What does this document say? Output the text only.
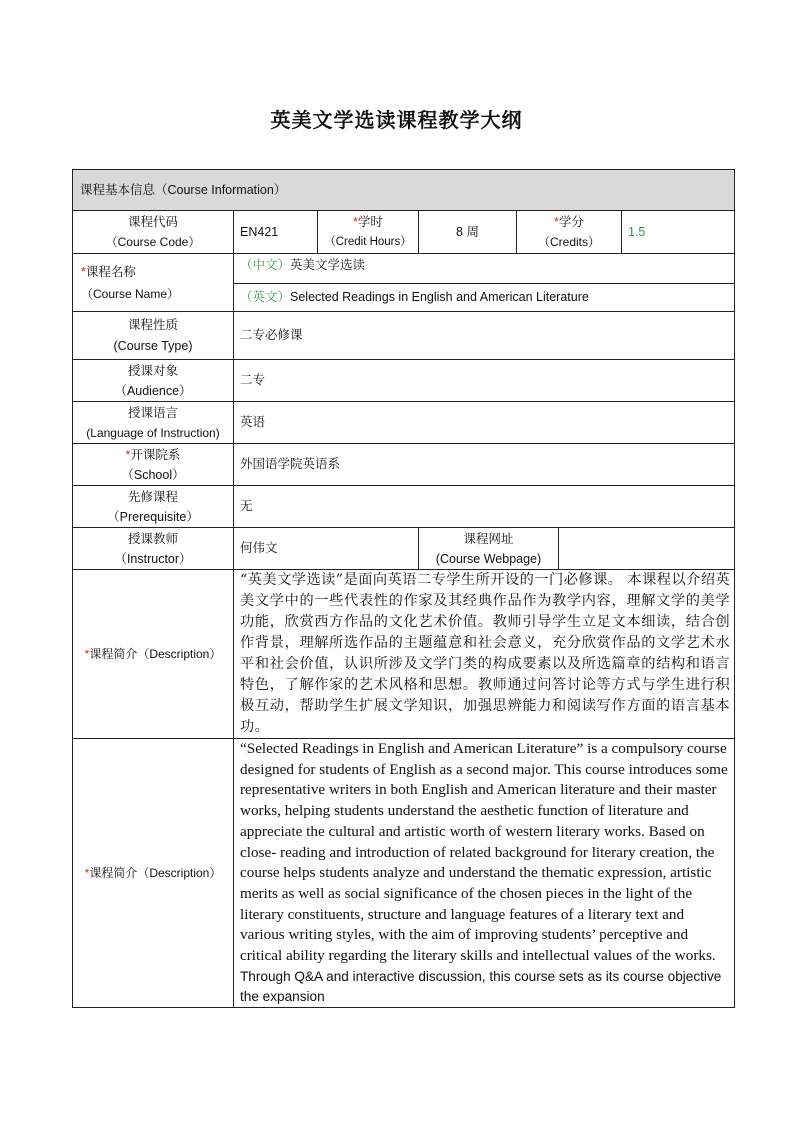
英美文学选读课程教学大纲
课程基本信息（Course Information）
课程代码
（Course Code）
EN421
*学时
（Credit Hours）
8 周
*学分
（Credits）
1.5
*课程名称
（Course Name）
（中文）英美文学选读
（英文）Selected Readings in English and American Literature
课程性质
(Course Type)
二专必修课
授课对象
（Audience）
二专
授课语言
(Language of Instruction)
英语
*开课院系
（School）
外国语学院英语系
先修课程
（Prerequisite）
无
授课教师
（Instructor）
何伟文
课程网址
(Course Webpage)
*课程简介（Description）
“英美文学选读”是面向英语二专学生所开设的一门必修课。 本课程以介绍英美文学中的一些代表性的作家及其经典作品作为教学内容，理解文学的美学功能，欣赏西方作品的文化艺术价值。教师引导学生立足文本细读，结合创作背景，理解所选作品的主题蕴意和社会意义，充分欣赏作品的文学艺术水平和社会价值，认识所涉及文学门类的构成要素以及所选篇章的结构和语言特色，了解作家的艺术风格和思想。教师通过问答讨论等方式与学生进行积极互动，帮助学生扩展文学知识，加强思辨能力和阅读写作方面的语言基本功。
*课程简介（Description）
“Selected Readings in English and American Literature” is a compulsory course designed for students of English as a second major. This course introduces some representative writers in both English and American literature and their master works, helping students understand the aesthetic function of literature and appreciate the cultural and artistic worth of western literary works. Based on close- reading and introduction of related background for literary creation, the course helps students analyze and understand the thematic expression, artistic merits as well as social significance of the chosen pieces in the light of the literary constituents, structure and language features of a literary text and various writing styles, with the aim of improving students’ perceptive and critical ability regarding the literary skills and intellectual values of the works. Through Q&A and interactive discussion, this course sets as its course objective the expansion
